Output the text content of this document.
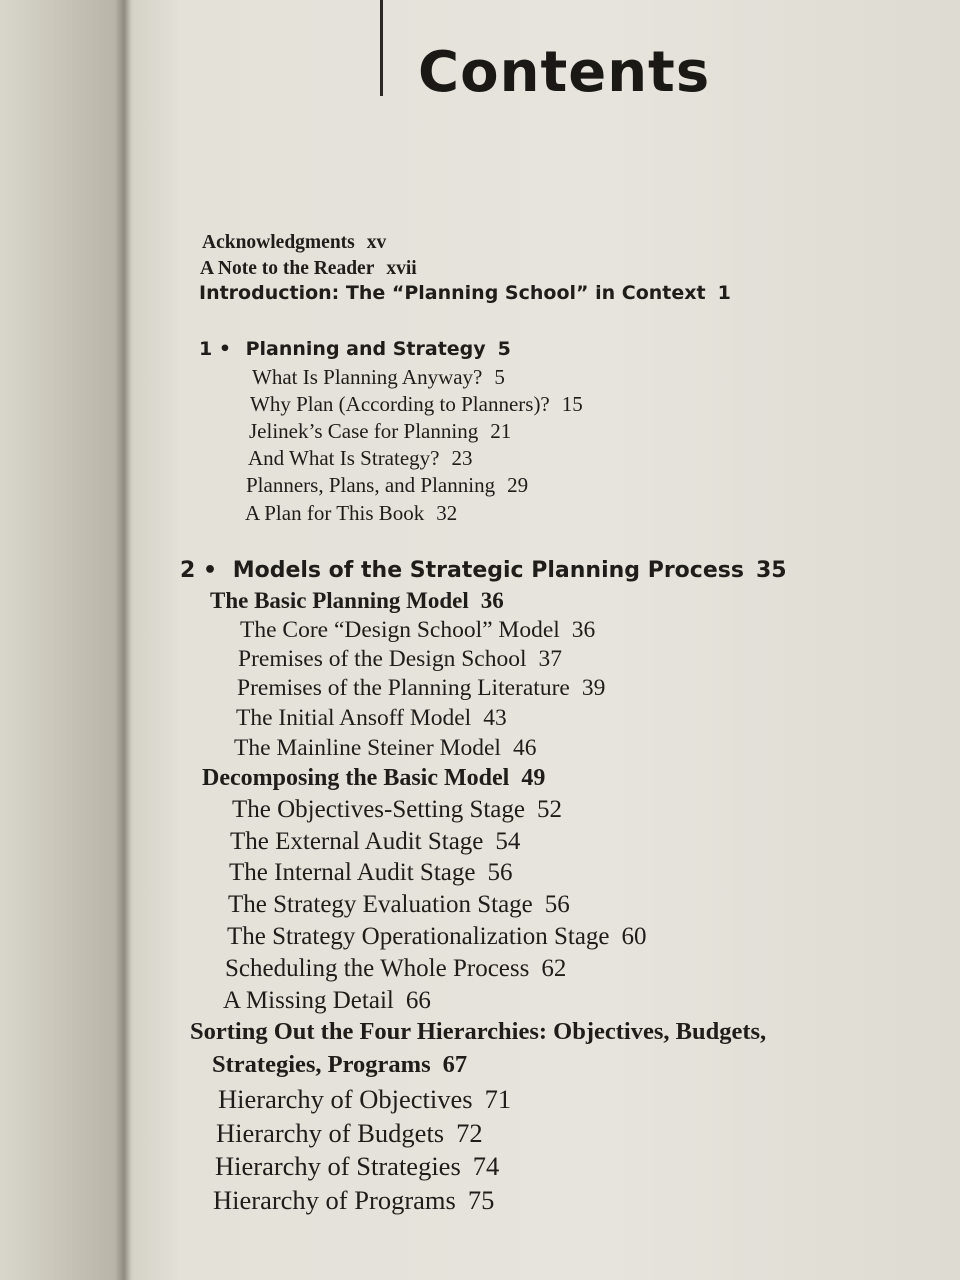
Contents
Acknowledgments xv
A Note to the Reader xvii
Introduction: The “Planning School” in Context 1
1 • Planning and Strategy 5
What Is Planning Anyway? 5
Why Plan (According to Planners)? 15
Jelinek’s Case for Planning 21
And What Is Strategy? 23
Planners, Plans, and Planning 29
A Plan for This Book 32
2 • Models of the Strategic Planning Process 35
The Basic Planning Model 36
The Core “Design School” Model 36
Premises of the Design School 37
Premises of the Planning Literature 39
The Initial Ansoff Model 43
The Mainline Steiner Model 46
Decomposing the Basic Model 49
The Objectives-Setting Stage 52
The External Audit Stage 54
The Internal Audit Stage 56
The Strategy Evaluation Stage 56
The Strategy Operationalization Stage 60
Scheduling the Whole Process 62
A Missing Detail 66
Sorting Out the Four Hierarchies: Objectives, Budgets,
Strategies, Programs 67
Hierarchy of Objectives 71
Hierarchy of Budgets 72
Hierarchy of Strategies 74
Hierarchy of Programs 75
